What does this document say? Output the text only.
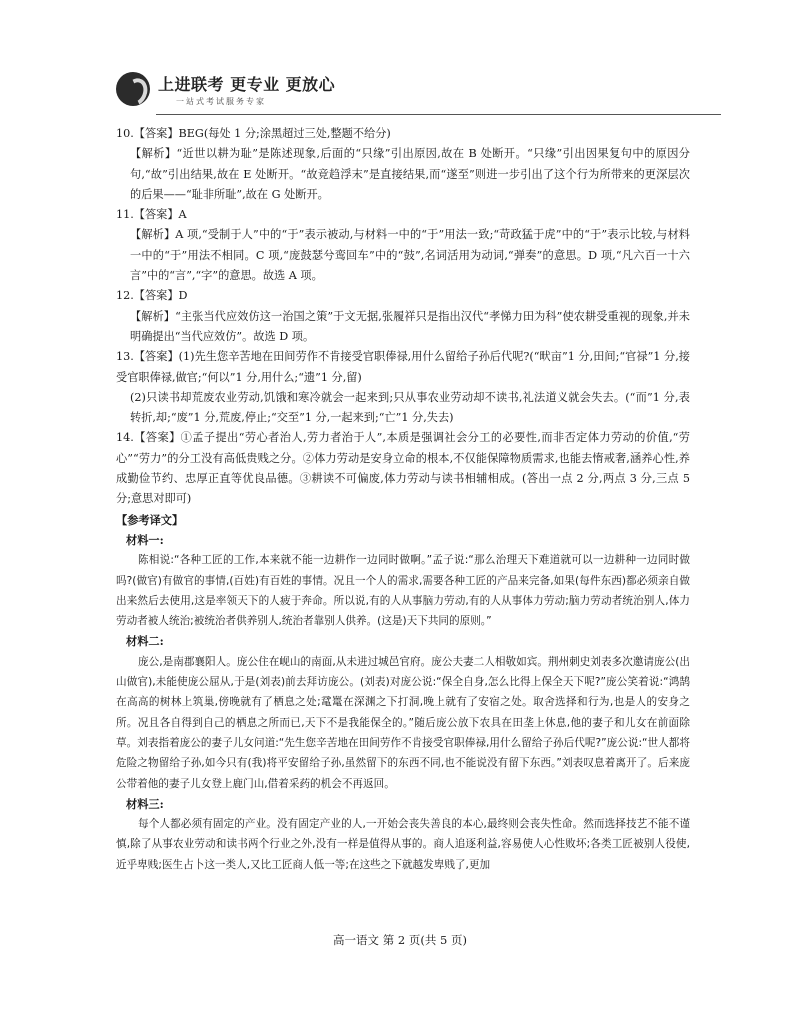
上进联考 更专业 更放心
一站式考试服务专家

10.【答案】BEG(每处 1 分;涂黑超过三处,整题不给分)

【解析】“近世以耕为耻”是陈述现象,后面的“只缘”引出原因,故在 B 处断开。“只缘”引出因果复句中的原因分句,“故”引出结果,故在 E 处断开。“故竞趋浮末”是直接结果,而“遂至”则进一步引出了这个行为所带来的更深层次的后果——“耻非所耻”,故在 G 处断开。

11.【答案】A

【解析】A 项,“受制于人”中的“于”表示被动,与材料一中的“于”用法一致;“苛政猛于虎”中的“于”表示比较,与材料一中的“于”用法不相同。C 项,“庞鼓瑟兮鸾回车”中的“鼓”,名词活用为动词,“弹奏”的意思。D 项,“凡六百一十六言”中的“言”,“字”的意思。故选 A 项。

12.【答案】D

【解析】“主张当代应效仿这一治国之策”于文无据,张履祥只是指出汉代“孝悌力田为科”使农耕受重视的现象,并未明确提出“当代应效仿”。故选 D 项。

13.【答案】(1)先生您辛苦地在田间劳作不肯接受官职俸禄,用什么留给子孙后代呢?(“畎亩”1 分,田间;“官禄”1 分,接受官职俸禄,做官;“何以”1 分,用什么;“遗”1 分,留)

(2)只读书却荒废农业劳动,饥饿和寒冷就会一起来到;只从事农业劳动却不读书,礼法道义就会失去。(“而”1 分,表转折,却;“废”1 分,荒废,停止;“交至”1 分,一起来到;“亡”1 分,失去)

14.【答案】①孟子提出“劳心者治人,劳力者治于人”,本质是强调社会分工的必要性,而非否定体力劳动的价值,“劳心”“劳力”的分工没有高低贵贱之分。②体力劳动是安身立命的根本,不仅能保障物质需求,也能去惰戒奢,涵养心性,养成勤俭节约、忠厚正直等优良品德。③耕读不可偏废,体力劳动与读书相辅相成。(答出一点 2 分,两点 3 分,三点 5 分;意思对即可)

【参考译文】

材料一:

陈相说:“各种工匠的工作,本来就不能一边耕作一边同时做啊。”孟子说:“那么治理天下难道就可以一边耕种一边同时做吗?(做官)有做官的事情,(百姓)有百姓的事情。况且一个人的需求,需要各种工匠的产品来完备,如果(每件东西)都必须亲自做出来然后去使用,这是率领天下的人疲于奔命。所以说,有的人从事脑力劳动,有的人从事体力劳动;脑力劳动者统治别人,体力劳动者被人统治;被统治者供养别人,统治者靠别人供养。(这是)天下共同的原则。”

材料二:

庞公,是南郡襄阳人。庞公住在岘山的南面,从未进过城邑官府。庞公夫妻二人相敬如宾。荆州刺史刘表多次邀请庞公(出山做官),未能使庞公屈从,于是(刘表)前去拜访庞公。(刘表)对庞公说:“保全自身,怎么比得上保全天下呢?”庞公笑着说:“鸿鹄在高高的树林上筑巢,傍晚就有了栖息之处;鼋鼍在深渊之下打洞,晚上就有了安宿之处。取舍选择和行为,也是人的安身之所。况且各自得到自己的栖息之所而已,天下不是我能保全的。”随后庞公放下农具在田垄上休息,他的妻子和儿女在前面除草。刘表指着庞公的妻子儿女问道:“先生您辛苦地在田间劳作不肯接受官职俸禄,用什么留给子孙后代呢?”庞公说:“世人都将危险之物留给子孙,如今只有(我)将平安留给子孙,虽然留下的东西不同,也不能说没有留下东西。”刘表叹息着离开了。后来庞公带着他的妻子儿女登上鹿门山,借着采药的机会不再返回。

材料三:

每个人都必须有固定的产业。没有固定产业的人,一开始会丧失善良的本心,最终则会丧失性命。然而选择技艺不能不谨慎,除了从事农业劳动和读书两个行业之外,没有一样是值得从事的。商人追逐利益,容易使人心性败坏;各类工匠被别人役使,近乎卑贱;医生占卜这一类人,又比工匠商人低一等;在这些之下就越发卑贱了,更加

高一语文 第 2 页(共 5 页)
